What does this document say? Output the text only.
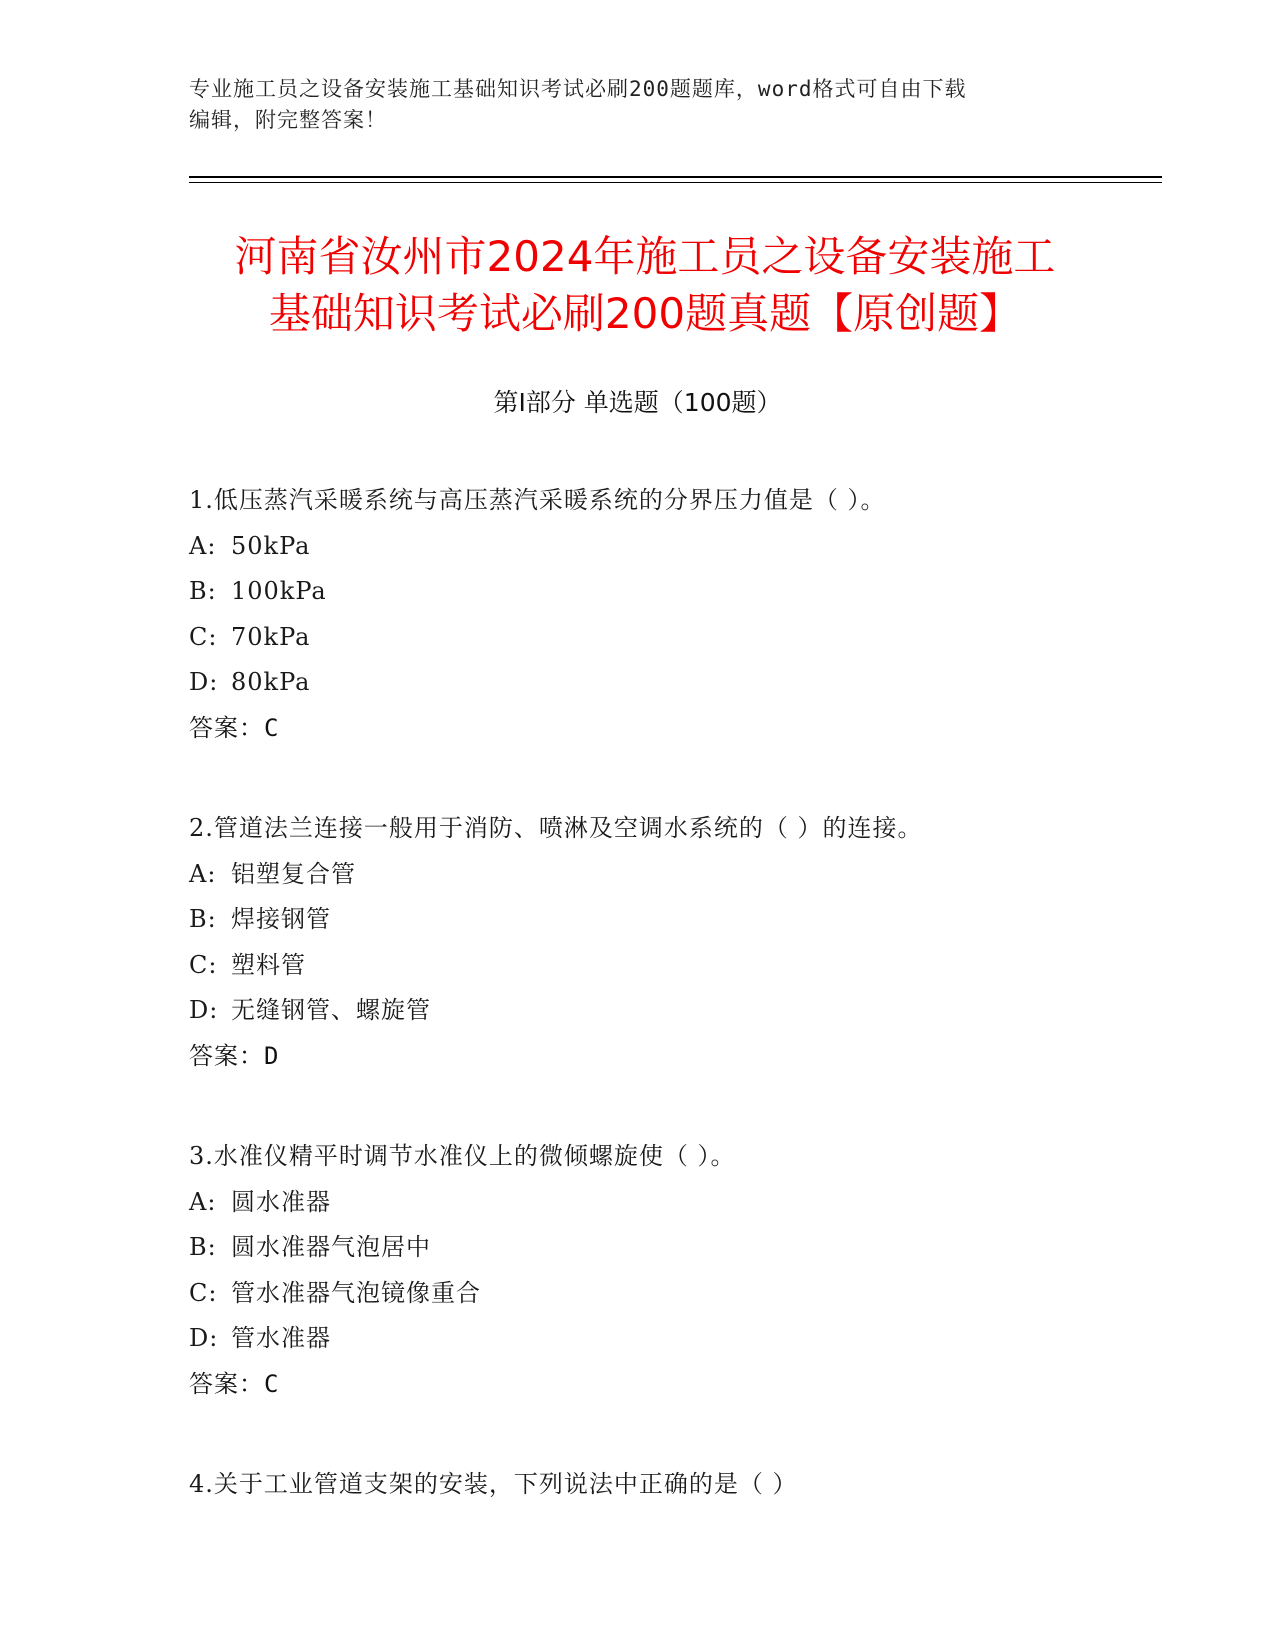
专业施工员之设备安装施工基础知识考试必刷200题题库，word格式可自由下载
编辑，附完整答案！
河南省汝州市2024年施工员之设备安装施工
基础知识考试必刷200题真题【原创题】
第Ⅰ部分 单选题（100题）
1.低压蒸汽采暖系统与高压蒸汽采暖系统的分界压力值是（ ）。
A: 50kPa
B: 100kPa
C: 70kPa
D: 80kPa
答案：C
2.管道法兰连接一般用于消防、喷淋及空调水系统的（ ）的连接。
A: 铝塑复合管
B: 焊接钢管
C: 塑料管
D: 无缝钢管、螺旋管
答案：D
3.水准仪精平时调节水准仪上的微倾螺旋使（ ）。
A: 圆水准器
B: 圆水准器气泡居中
C: 管水准器气泡镜像重合
D: 管水准器
答案：C
4.关于工业管道支架的安装，下列说法中正确的是（ ）
